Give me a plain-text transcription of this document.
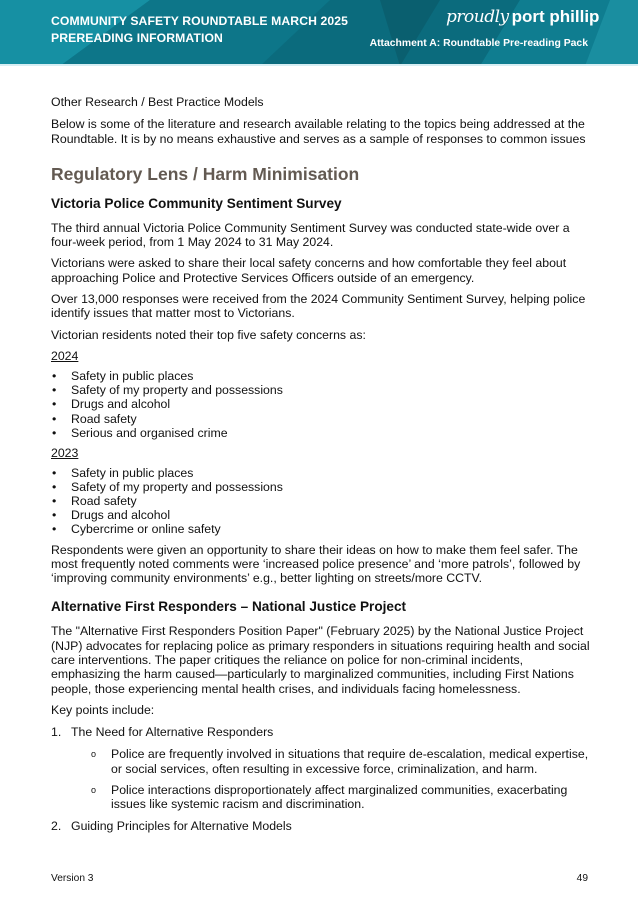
COMMUNITY SAFETY ROUNDTABLE MARCH 2025
PREREADING INFORMATION
proudly port phillip
Attachment A: Roundtable Pre-reading Pack

Other Research / Best Practice Models

Below is some of the literature and research available relating to the topics being addressed at the Roundtable. It is by no means exhaustive and serves as a sample of responses to common issues

Regulatory Lens / Harm Minimisation
Victoria Police Community Sentiment Survey

The third annual Victoria Police Community Sentiment Survey was conducted state-wide over a four-week period, from 1 May 2024 to 31 May 2024.

Victorians were asked to share their local safety concerns and how comfortable they feel about approaching Police and Protective Services Officers outside of an emergency.

Over 13,000 responses were received from the 2024 Community Sentiment Survey, helping police identify issues that matter most to Victorians.

Victorian residents noted their top five safety concerns as:

2024
• Safety in public places
• Safety of my property and possessions
• Drugs and alcohol
• Road safety
• Serious and organised crime
2023
• Safety in public places
• Safety of my property and possessions
• Road safety
• Drugs and alcohol
• Cybercrime or online safety

Respondents were given an opportunity to share their ideas on how to make them feel safer. The most frequently noted comments were ‘increased police presence’ and ‘more patrols’, followed by ‘improving community environments’ e.g., better lighting on streets/more CCTV.

Alternative First Responders – National Justice Project

The "Alternative First Responders Position Paper" (February 2025) by the National Justice Project (NJP) advocates for replacing police as primary responders in situations requiring health and social care interventions. The paper critiques the reliance on police for non-criminal incidents, emphasizing the harm caused—particularly to marginalized communities, including First Nations people, those experiencing mental health crises, and individuals facing homelessness.

Key points include:

1. The Need for Alternative Responders
o Police are frequently involved in situations that require de-escalation, medical expertise, or social services, often resulting in excessive force, criminalization, and harm.
o Police interactions disproportionately affect marginalized communities, exacerbating issues like systemic racism and discrimination.
2. Guiding Principles for Alternative Models
Version 3	49
